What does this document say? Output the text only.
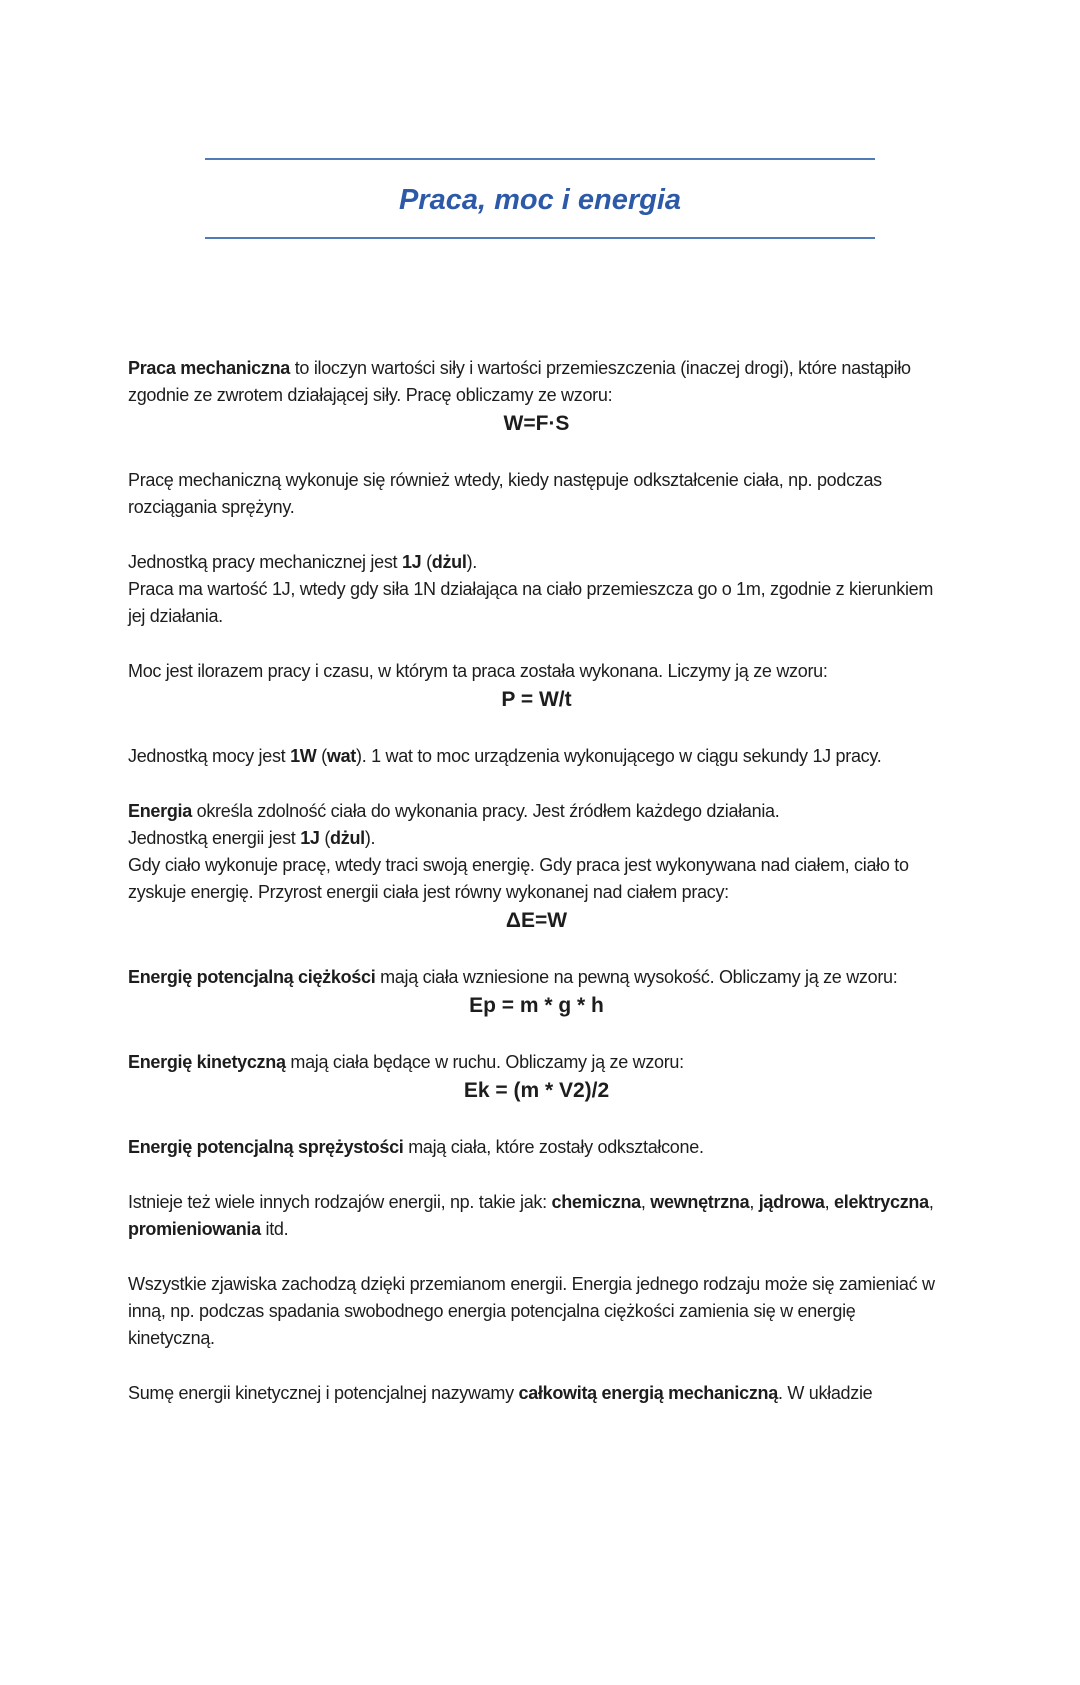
Praca, moc i energia
Praca mechaniczna to iloczyn wartości siły i wartości przemieszczenia (inaczej drogi), które nastąpiło zgodnie ze zwrotem działającej siły. Pracę obliczamy ze wzoru:
W=F·S
Pracę mechaniczną wykonuje się również wtedy, kiedy następuje odkształcenie ciała, np. podczas rozciągania sprężyny.
Jednostką pracy mechanicznej jest 1J (dżul).
Praca ma wartość 1J, wtedy gdy siła 1N działająca na ciało przemieszcza go o 1m, zgodnie z kierunkiem jej działania.
Moc jest ilorazem pracy i czasu, w którym ta praca została wykonana. Liczymy ją ze wzoru:
P = W/t
Jednostką mocy jest 1W (wat). 1 wat to moc urządzenia wykonującego w ciągu sekundy 1J pracy.
Energia określa zdolność ciała do wykonania pracy. Jest źródłem każdego działania.
Jednostką energii jest 1J (dżul).
Gdy ciało wykonuje pracę, wtedy traci swoją energię. Gdy praca jest wykonywana nad ciałem, ciało to zyskuje energię. Przyrost energii ciała jest równy wykonanej nad ciałem pracy:
ΔE=W
Energię potencjalną ciężkości mają ciała wzniesione na pewną wysokość. Obliczamy ją ze wzoru:
Ep = m * g * h
Energię kinetyczną mają ciała będące w ruchu. Obliczamy ją ze wzoru:
Ek = (m * V2)/2
Energię potencjalną sprężystości mają ciała, które zostały odkształcone.
Istnieje też wiele innych rodzajów energii, np. takie jak: chemiczna, wewnętrzna, jądrowa, elektryczna, promieniowania itd.
Wszystkie zjawiska zachodzą dzięki przemianom energii. Energia jednego rodzaju może się zamieniać w inną, np. podczas spadania swobodnego energia potencjalna ciężkości zamienia się w energię kinetyczną.
Sumę energii kinetycznej i potencjalnej nazywamy całkowitą energią mechaniczną. W układzie
